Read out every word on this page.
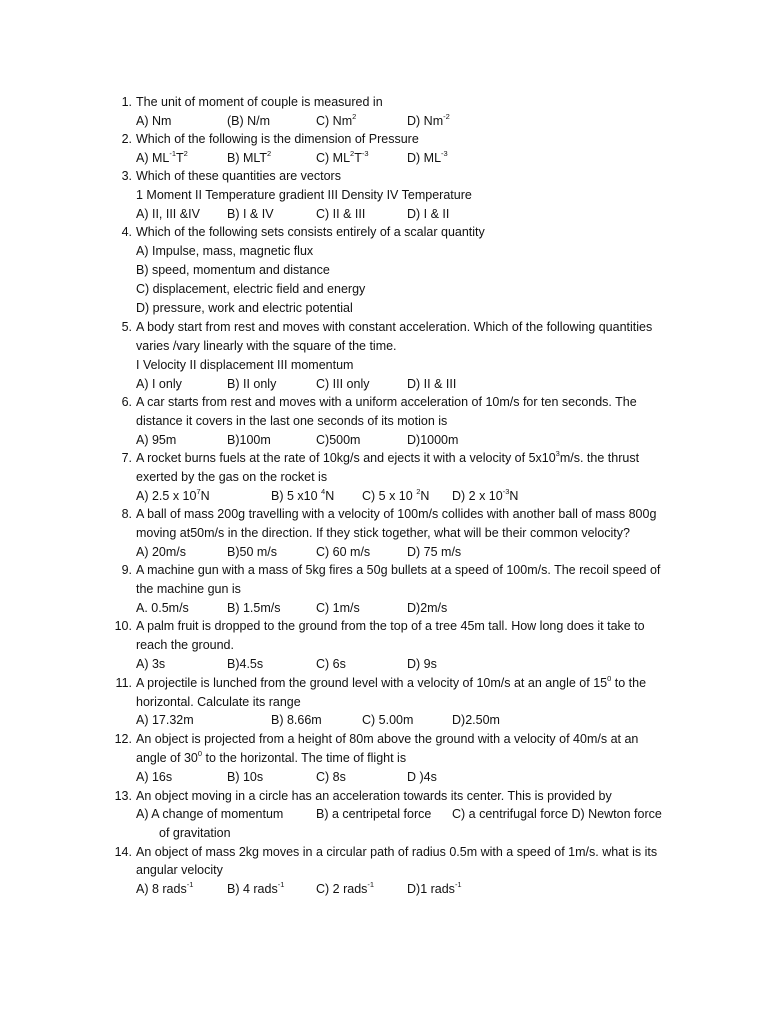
1. The unit of moment of couple is measured in
A) Nm	(B) N/m	C) Nm$^2$	D) $Nm^{-2}$
2. Which of the following is the dimension of Pressure
A) $ML^{-1}T^2$	B) MLT$^2$	C) $ML^2T^{-3}$	D) $ML^{-3}$
3. Which of these quantities are vectors
1 Moment II Temperature gradient III Density IV Temperature
A) II, III &IV B) I & IV	C) II & III	D) I & II
4. Which of the following sets consists entirely of a scalar quantity
A) Impulse, mass, magnetic flux
B) speed, momentum and distance
C) displacement, electric field and energy
D) pressure, work and electric potential
5. A body start from rest and moves with constant acceleration. Which of the following quantities
varies /vary linearly with the square of the time.
I Velocity II displacement III momentum
A) I only	B) II only	C) III only	D) II & III
6. A car starts from rest and moves with a uniform acceleration of 10m/s for ten seconds. The
distance it covers in the last one seconds of its motion is
A) 95m	B)100m	C)500m	D)1000m
7. A rocket burns fuels at the rate of 10kg/s and ejects it with a velocity of $5x10^3m/s$. the thrust
exerted by the gas on the rocket is
A) 2.5 x $10^7N$	B) 5 x10 $^4$N C) 5 x 10 $^2$N D) 2 x $10^{-3}N$
8. A ball of mass 200g travelling with a velocity of 100m/s collides with another ball of mass 800g
moving at50m/s in the direction. If they stick together, what will be their common velocity?
A) 20m/s	B)50 m/s	C) 60 m/s	D) 75 m/s
9. A machine gun with a mass of 5kg fires a 50g bullets at a speed of 100m/s. The recoil speed of
the machine gun is
A. 0.5m/s	B) 1.5m/s	C) 1m/s	D)2m/s
10. A palm fruit is dropped to the ground from the top of a tree 45m tall. How long does it take to
reach the ground.
A) 3s	B)4.5s	C) 6s	D) 9s
11. A projectile is lunched from the ground level with a velocity of 10m/s at an angle of $15^0$ to the
horizontal. Calculate its range
A) 17.32m	B) 8.66m	C) 5.00m	D)2.50m
12. An object is projected from a height of 80m above the ground with a velocity of 40m/s at an
angle of $30^0$ to the horizontal. The time of flight is
A) 16s	B) 10s	C) 8s	D )4s
13. An object moving in a circle has an acceleration towards its center. This is provided by
A) A change of momentum	B) a centripetal force C) a centrifugal force D) Newton force
of gravitation
14. An object of mass 2kg moves in a circular path of radius 0.5m with a speed of 1m/s. what is its
angular velocity
A) 8 rads$^{-1}$	B) 4 rads$^{-1}$	C) 2 rads$^{-1}$	D)1 rads$^{-1}$
